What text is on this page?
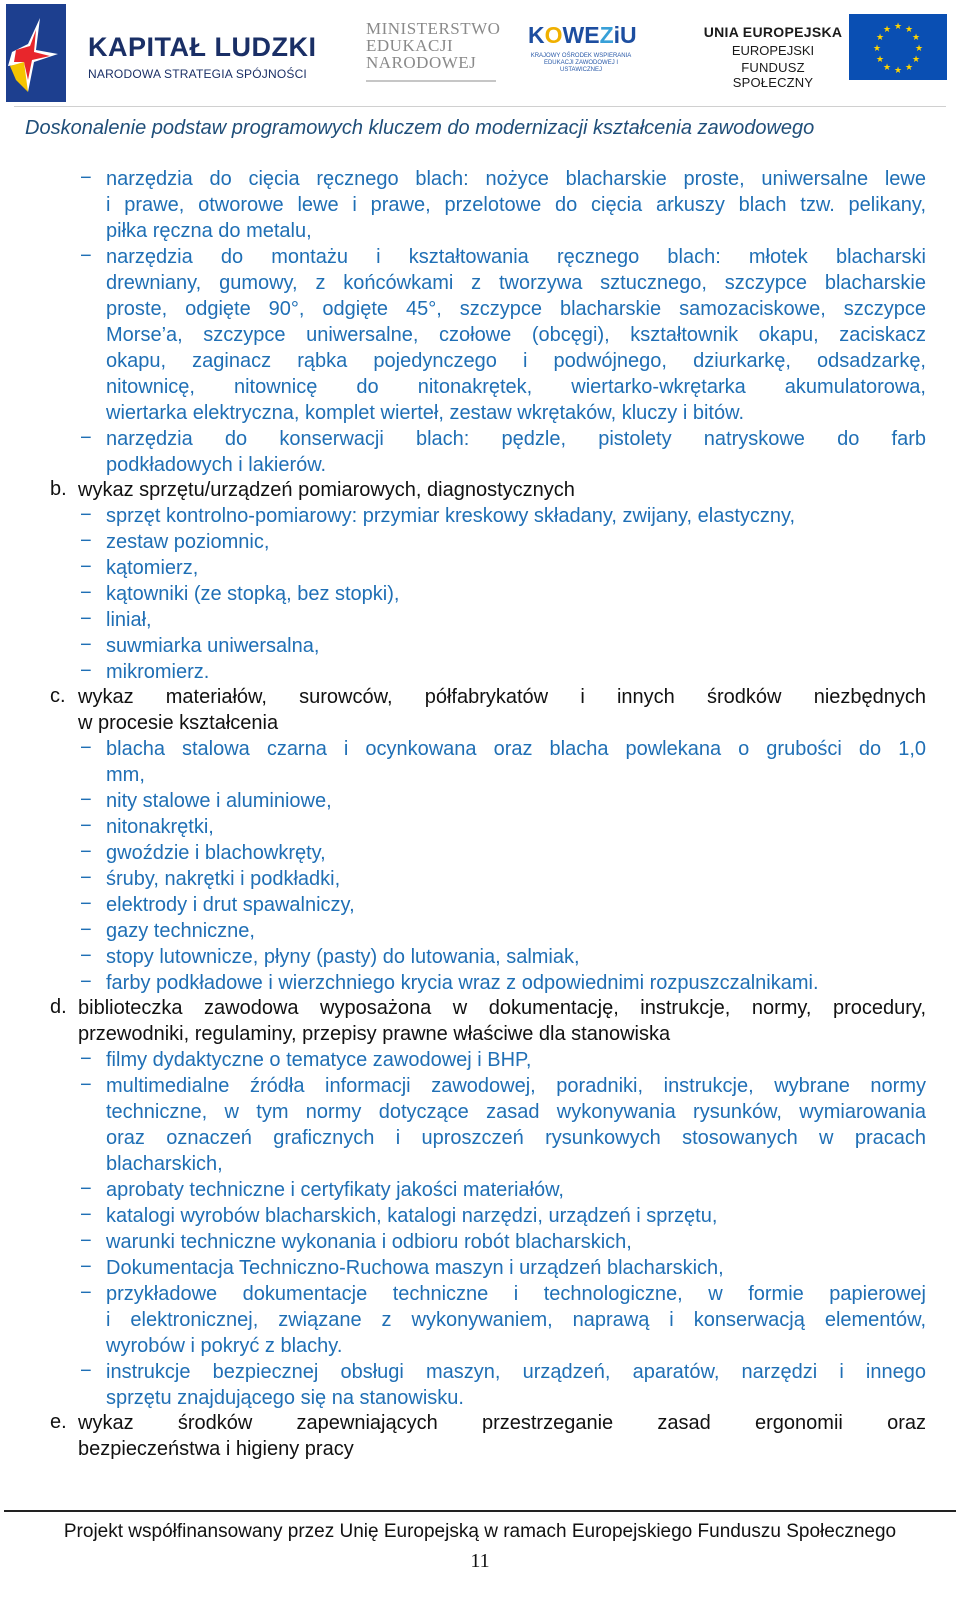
KAPITAŁ LUDZKI
NARODOWA STRATEGIA SPÓJNOŚCI
MINISTERSTWO
EDUKACJI
NARODOWEJ
KOWEZiU
KRAJOWY OŚRODEK WSPIERANIA
EDUKACJI ZAWODOWEJ I USTAWICZNEJ
UNIA EUROPEJSKA
EUROPEJSKI
FUNDUSZ SPOŁECZNY
★ ★
★
★
★
★
★
★
★
★
★
★
Doskonalenie podstaw programowych kluczem do modernizacji kształcenia zawodowego
− narzędzia do cięcia ręcznego blach: nożyce blacharskie proste, uniwersalne lewe
i prawe, otworowe lewe i prawe, przelotowe do cięcia arkuszy blach tzw. pelikany,
piłka ręczna do metalu,
− narzędzia do montażu i kształtowania ręcznego blach: młotek blacharski
drewniany, gumowy, z końcówkami z tworzywa sztucznego, szczypce blacharskie
proste, odgięte 90°, odgięte 45°, szczypce blacharskie samozaciskowe, szczypce
Morse’a, szczypce uniwersalne, czołowe (obcęgi), kształtownik okapu, zaciskacz
okapu, zaginacz rąbka pojedynczego i podwójnego, dziurkarkę, odsadzarkę,
nitownicę, nitownicę do nitonakrętek, wiertarko-wkrętarka akumulatorowa,
wiertarka elektryczna, komplet wierteł, zestaw wkrętaków, kluczy i bitów.
− narzędzia do konserwacji blach: pędzle, pistolety natryskowe do farb
podkładowych i lakierów.
b. wykaz sprzętu/urządzeń pomiarowych, diagnostycznych
− sprzęt kontrolno-pomiarowy: przymiar kreskowy składany, zwijany, elastyczny,
− zestaw poziomnic,
− kątomierz,
− kątowniki (ze stopką, bez stopki),
− liniał,
− suwmiarka uniwersalna,
− mikromierz.
c. wykaz materiałów, surowców, półfabrykatów i innych środków niezbędnych
w procesie kształcenia
− blacha stalowa czarna i ocynkowana oraz blacha powlekana o grubości do 1,0
mm,
− nity stalowe i aluminiowe,
− nitonakrętki,
− gwoździe i blachowkręty,
− śruby, nakrętki i podkładki,
− elektrody i drut spawalniczy,
− gazy techniczne,
− stopy lutownicze, płyny (pasty) do lutowania, salmiak,
− farby podkładowe i wierzchniego krycia wraz z odpowiednimi rozpuszczalnikami.
d. biblioteczka zawodowa wyposażona w dokumentację, instrukcje, normy, procedury,
przewodniki, regulaminy, przepisy prawne właściwe dla stanowiska
− filmy dydaktyczne o tematyce zawodowej i BHP,
− multimedialne źródła informacji zawodowej, poradniki, instrukcje, wybrane normy
techniczne, w tym normy dotyczące zasad wykonywania rysunków, wymiarowania
oraz oznaczeń graficznych i uproszczeń rysunkowych stosowanych w pracach
blacharskich,
− aprobaty techniczne i certyfikaty jakości materiałów,
− katalogi wyrobów blacharskich, katalogi narzędzi, urządzeń i sprzętu,
− warunki techniczne wykonania i odbioru robót blacharskich,
− Dokumentacja Techniczno-Ruchowa maszyn i urządzeń blacharskich,
− przykładowe dokumentacje techniczne i technologiczne, w formie papierowej
i elektronicznej, związane z wykonywaniem, naprawą i konserwacją elementów,
wyrobów i pokryć z blachy.
− instrukcje bezpiecznej obsługi maszyn, urządzeń, aparatów, narzędzi i innego
sprzętu znajdującego się na stanowisku.
e. wykaz środków zapewniających przestrzeganie zasad ergonomii oraz
bezpieczeństwa i higieny pracy
Projekt współfinansowany przez Unię Europejską w ramach Europejskiego Funduszu Społecznego
11
